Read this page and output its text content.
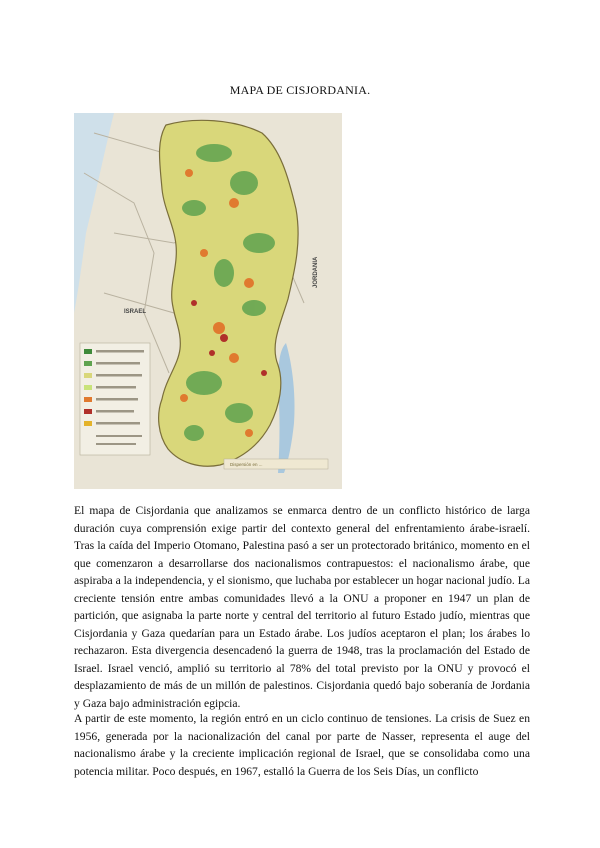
MAPA DE CISJORDANIA.
ISRAEL
JORDANIA
Dispersión en ...

El mapa de Cisjordania que analizamos se enmarca dentro de un conflicto histórico de larga duración cuya comprensión exige partir del contexto general del enfrentamiento árabe-israelí. Tras la caída del Imperio Otomano, Palestina pasó a ser un protectorado británico, momento en el que comenzaron a desarrollarse dos nacionalismos contrapuestos: el nacionalismo árabe, que aspiraba a la independencia, y el sionismo, que luchaba por establecer un hogar nacional judío. La creciente tensión entre ambas comunidades llevó a la ONU a proponer en 1947 un plan de partición, que asignaba la parte norte y central del territorio al futuro Estado judío, mientras que Cisjordania y Gaza quedarían para un Estado árabe. Los judíos aceptaron el plan; los árabes lo rechazaron. Esta divergencia desencadenó la guerra de 1948, tras la proclamación del Estado de Israel. Israel venció, amplió su territorio al 78% del total previsto por la ONU y provocó el desplazamiento de más de un millón de palestinos. Cisjordania quedó bajo soberanía de Jordania y Gaza bajo administración egipcia.

A partir de este momento, la región entró en un ciclo continuo de tensiones. La crisis de Suez en 1956, generada por la nacionalización del canal por parte de Nasser, representa el auge del nacionalismo árabe y la creciente implicación regional de Israel, que se consolidaba como una potencia militar. Poco después, en 1967, estalló la Guerra de los Seis Días, un conflicto
